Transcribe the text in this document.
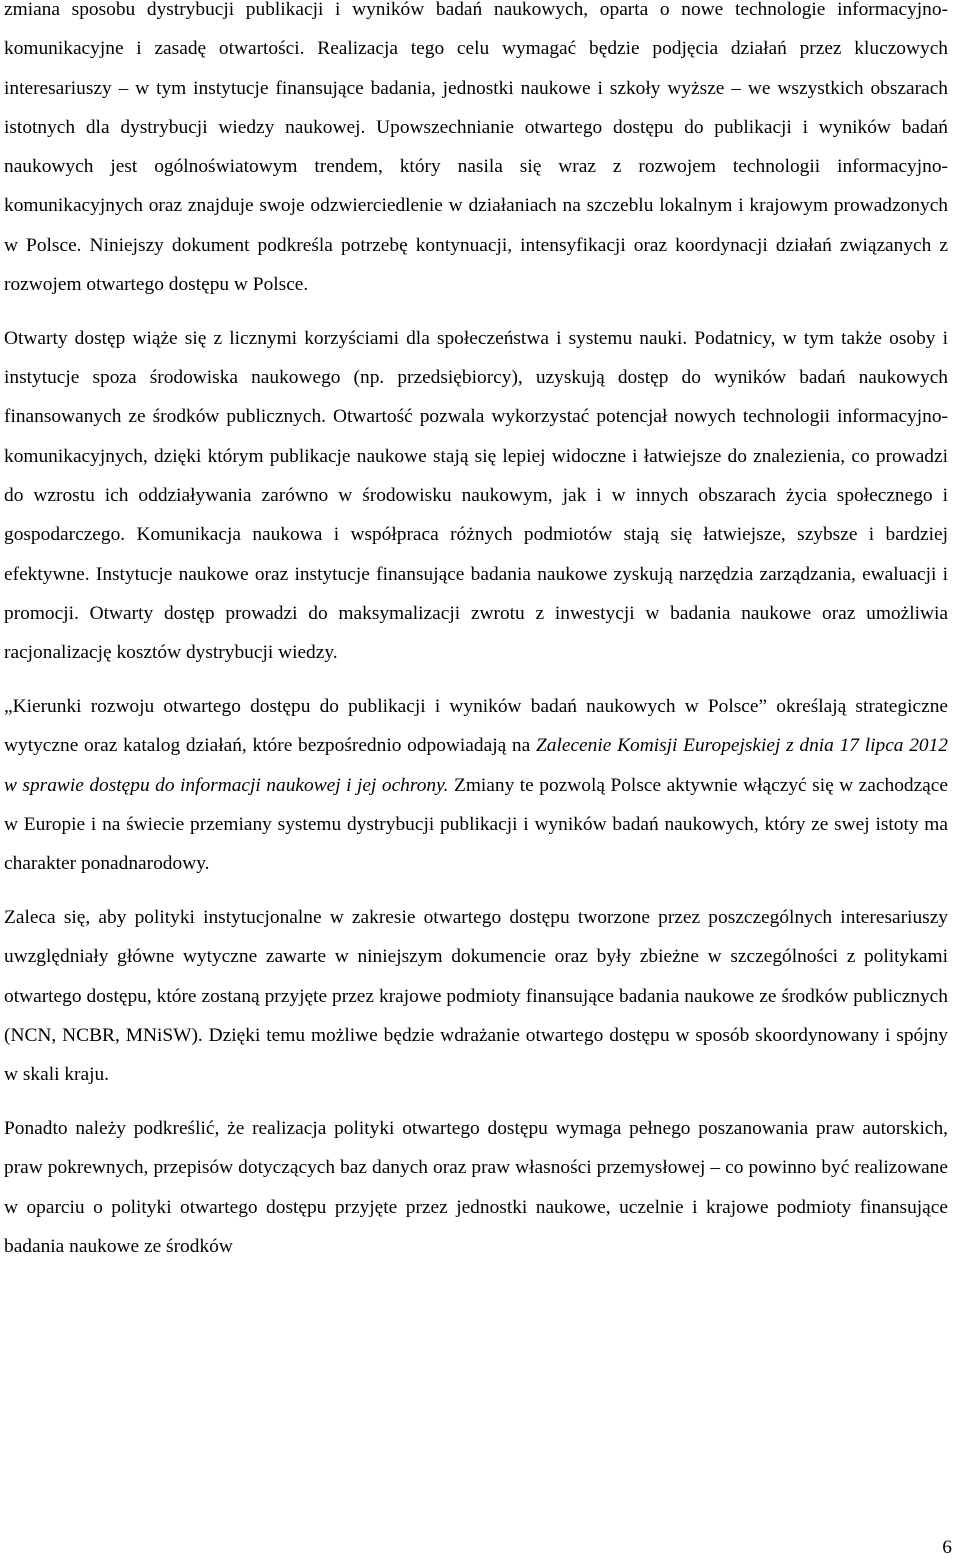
zmiana sposobu dystrybucji publikacji i wyników badań naukowych, oparta o nowe technologie informacyjno-komunikacyjne i zasadę otwartości. Realizacja tego celu wymagać będzie podjęcia działań przez kluczowych interesariuszy – w tym instytucje finansujące badania, jednostki naukowe i szkoły wyższe – we wszystkich obszarach istotnych dla dystrybucji wiedzy naukowej. Upowszechnianie otwartego dostępu do publikacji i wyników badań naukowych jest ogólnoświatowym trendem, który nasila się wraz z rozwojem technologii informacyjno-komunikacyjnych oraz znajduje swoje odzwierciedlenie w działaniach na szczeblu lokalnym i krajowym prowadzonych w Polsce. Niniejszy dokument podkreśla potrzebę kontynuacji, intensyfikacji oraz koordynacji działań związanych z rozwojem otwartego dostępu w Polsce.

Otwarty dostęp wiąże się z licznymi korzyściami dla społeczeństwa i systemu nauki. Podatnicy, w tym także osoby i instytucje spoza środowiska naukowego (np. przedsiębiorcy), uzyskują dostęp do wyników badań naukowych finansowanych ze środków publicznych. Otwartość pozwala wykorzystać potencjał nowych technologii informacyjno-komunikacyjnych, dzięki którym publikacje naukowe stają się lepiej widoczne i łatwiejsze do znalezienia, co prowadzi do wzrostu ich oddziaływania zarówno w środowisku naukowym, jak i w innych obszarach życia społecznego i gospodarczego. Komunikacja naukowa i współpraca różnych podmiotów stają się łatwiejsze, szybsze i bardziej efektywne. Instytucje naukowe oraz instytucje finansujące badania naukowe zyskują narzędzia zarządzania, ewaluacji i promocji. Otwarty dostęp prowadzi do maksymalizacji zwrotu z inwestycji w badania naukowe oraz umożliwia racjonalizację kosztów dystrybucji wiedzy.

„Kierunki rozwoju otwartego dostępu do publikacji i wyników badań naukowych w Polsce” określają strategiczne wytyczne oraz katalog działań, które bezpośrednio odpowiadają na Zalecenie Komisji Europejskiej z dnia 17 lipca 2012 w sprawie dostępu do informacji naukowej i jej ochrony. Zmiany te pozwolą Polsce aktywnie włączyć się w zachodzące w Europie i na świecie przemiany systemu dystrybucji publikacji i wyników badań naukowych, który ze swej istoty ma charakter ponadnarodowy.

Zaleca się, aby polityki instytucjonalne w zakresie otwartego dostępu tworzone przez poszczególnych interesariuszy uwzględniały główne wytyczne zawarte w niniejszym dokumencie oraz były zbieżne w szczególności z politykami otwartego dostępu, które zostaną przyjęte przez krajowe podmioty finansujące badania naukowe ze środków publicznych (NCN, NCBR, MNiSW). Dzięki temu możliwe będzie wdrażanie otwartego dostępu w sposób skoordynowany i spójny w skali kraju.

Ponadto należy podkreślić, że realizacja polityki otwartego dostępu wymaga pełnego poszanowania praw autorskich, praw pokrewnych, przepisów dotyczących baz danych oraz praw własności przemysłowej – co powinno być realizowane w oparciu o polityki otwartego dostępu przyjęte przez jednostki naukowe, uczelnie i krajowe podmioty finansujące badania naukowe ze środków

6
